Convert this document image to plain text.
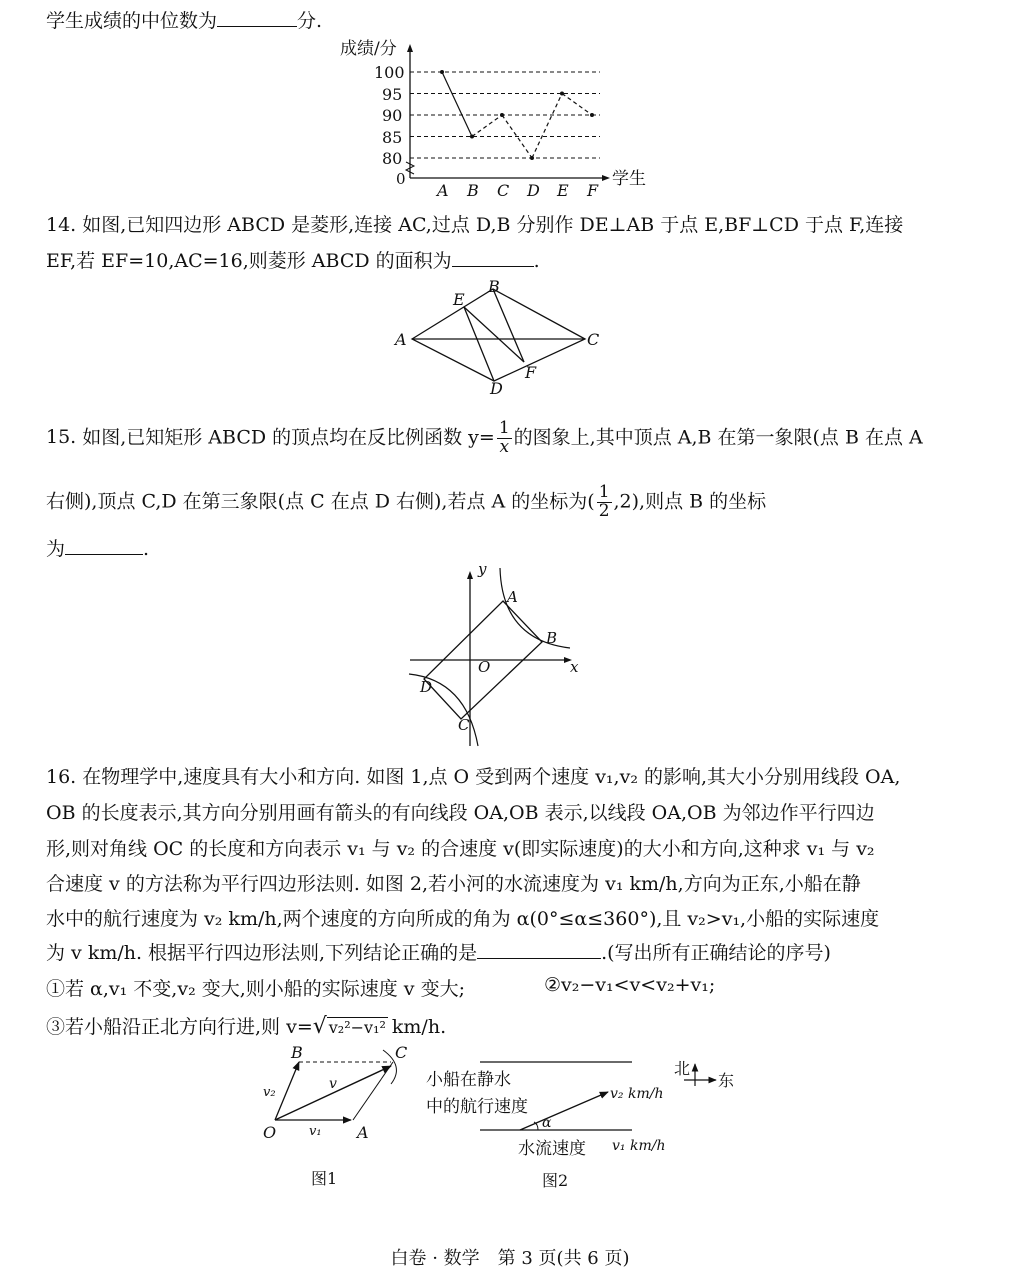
学生成绩的中位数为	分.
成绩/分
学生
100
95
90
85
80
0
A B C D E F
14. 如图,已知四边形 ABCD 是菱形,连接 AC,过点 D,B 分别作 DE⊥AB 于点 E,BF⊥CD 于点 F,连接
EF,若 EF=10,AC=16,则菱形 ABCD 的面积为	.
A
B
C
D
E
F
15. 如图,已知矩形 ABCD 的顶点均在反比例函数 $y= \frac{1}{x}$ 的图象上,其中顶点 A,B 在第一象限(点 B 在点 A
右侧),顶点 C,D 在第三象限(点 C 在点 D 右侧),若点 A 的坐标为( $\frac{1}{2} ,2$),则点 B 的坐标
为	.
y
x
O
A
B
C
D
16. 在物理学中,速度具有大小和方向. 如图 1,点 O 受到两个速度 v₁,v₂ 的影响,其大小分别用线段 OA,
OB 的长度表示,其方向分别用画有箭头的有向线段 OA,OB 表示,以线段 OA,OB 为邻边作平行四边
形,则对角线 OC 的长度和方向表示 v₁ 与 v₂ 的合速度 v(即实际速度)的大小和方向,这种求 v₁ 与 v₂
合速度 v 的方法称为平行四边形法则. 如图 2,若小河的水流速度为 v₁ km/h,方向为正东,小船在静
水中的航行速度为 v₂ km/h,两个速度的方向所成的角为 α(0°≤α≤360°),且 v₂>v₁,小船的实际速度
为 v km/h. 根据平行四边形法则,下列结论正确的是	.(写出所有正确结论的序号)
①若 α,v₁ 不变,v₂ 变大,则小船的实际速度 v 变大;	②v₂−v₁<v<v₂+v₁;
③若小船沿正北方向行进,则 v=√ v₂²−v₁² km/h.
O	A
B	C
v
v₁
v₂
图1
小船在静水
中的航行速度
v₂ km/h
α
水流速度 v₁ km/h
北
东
图2
白卷 · 数学　第 3 页(共 6 页)
